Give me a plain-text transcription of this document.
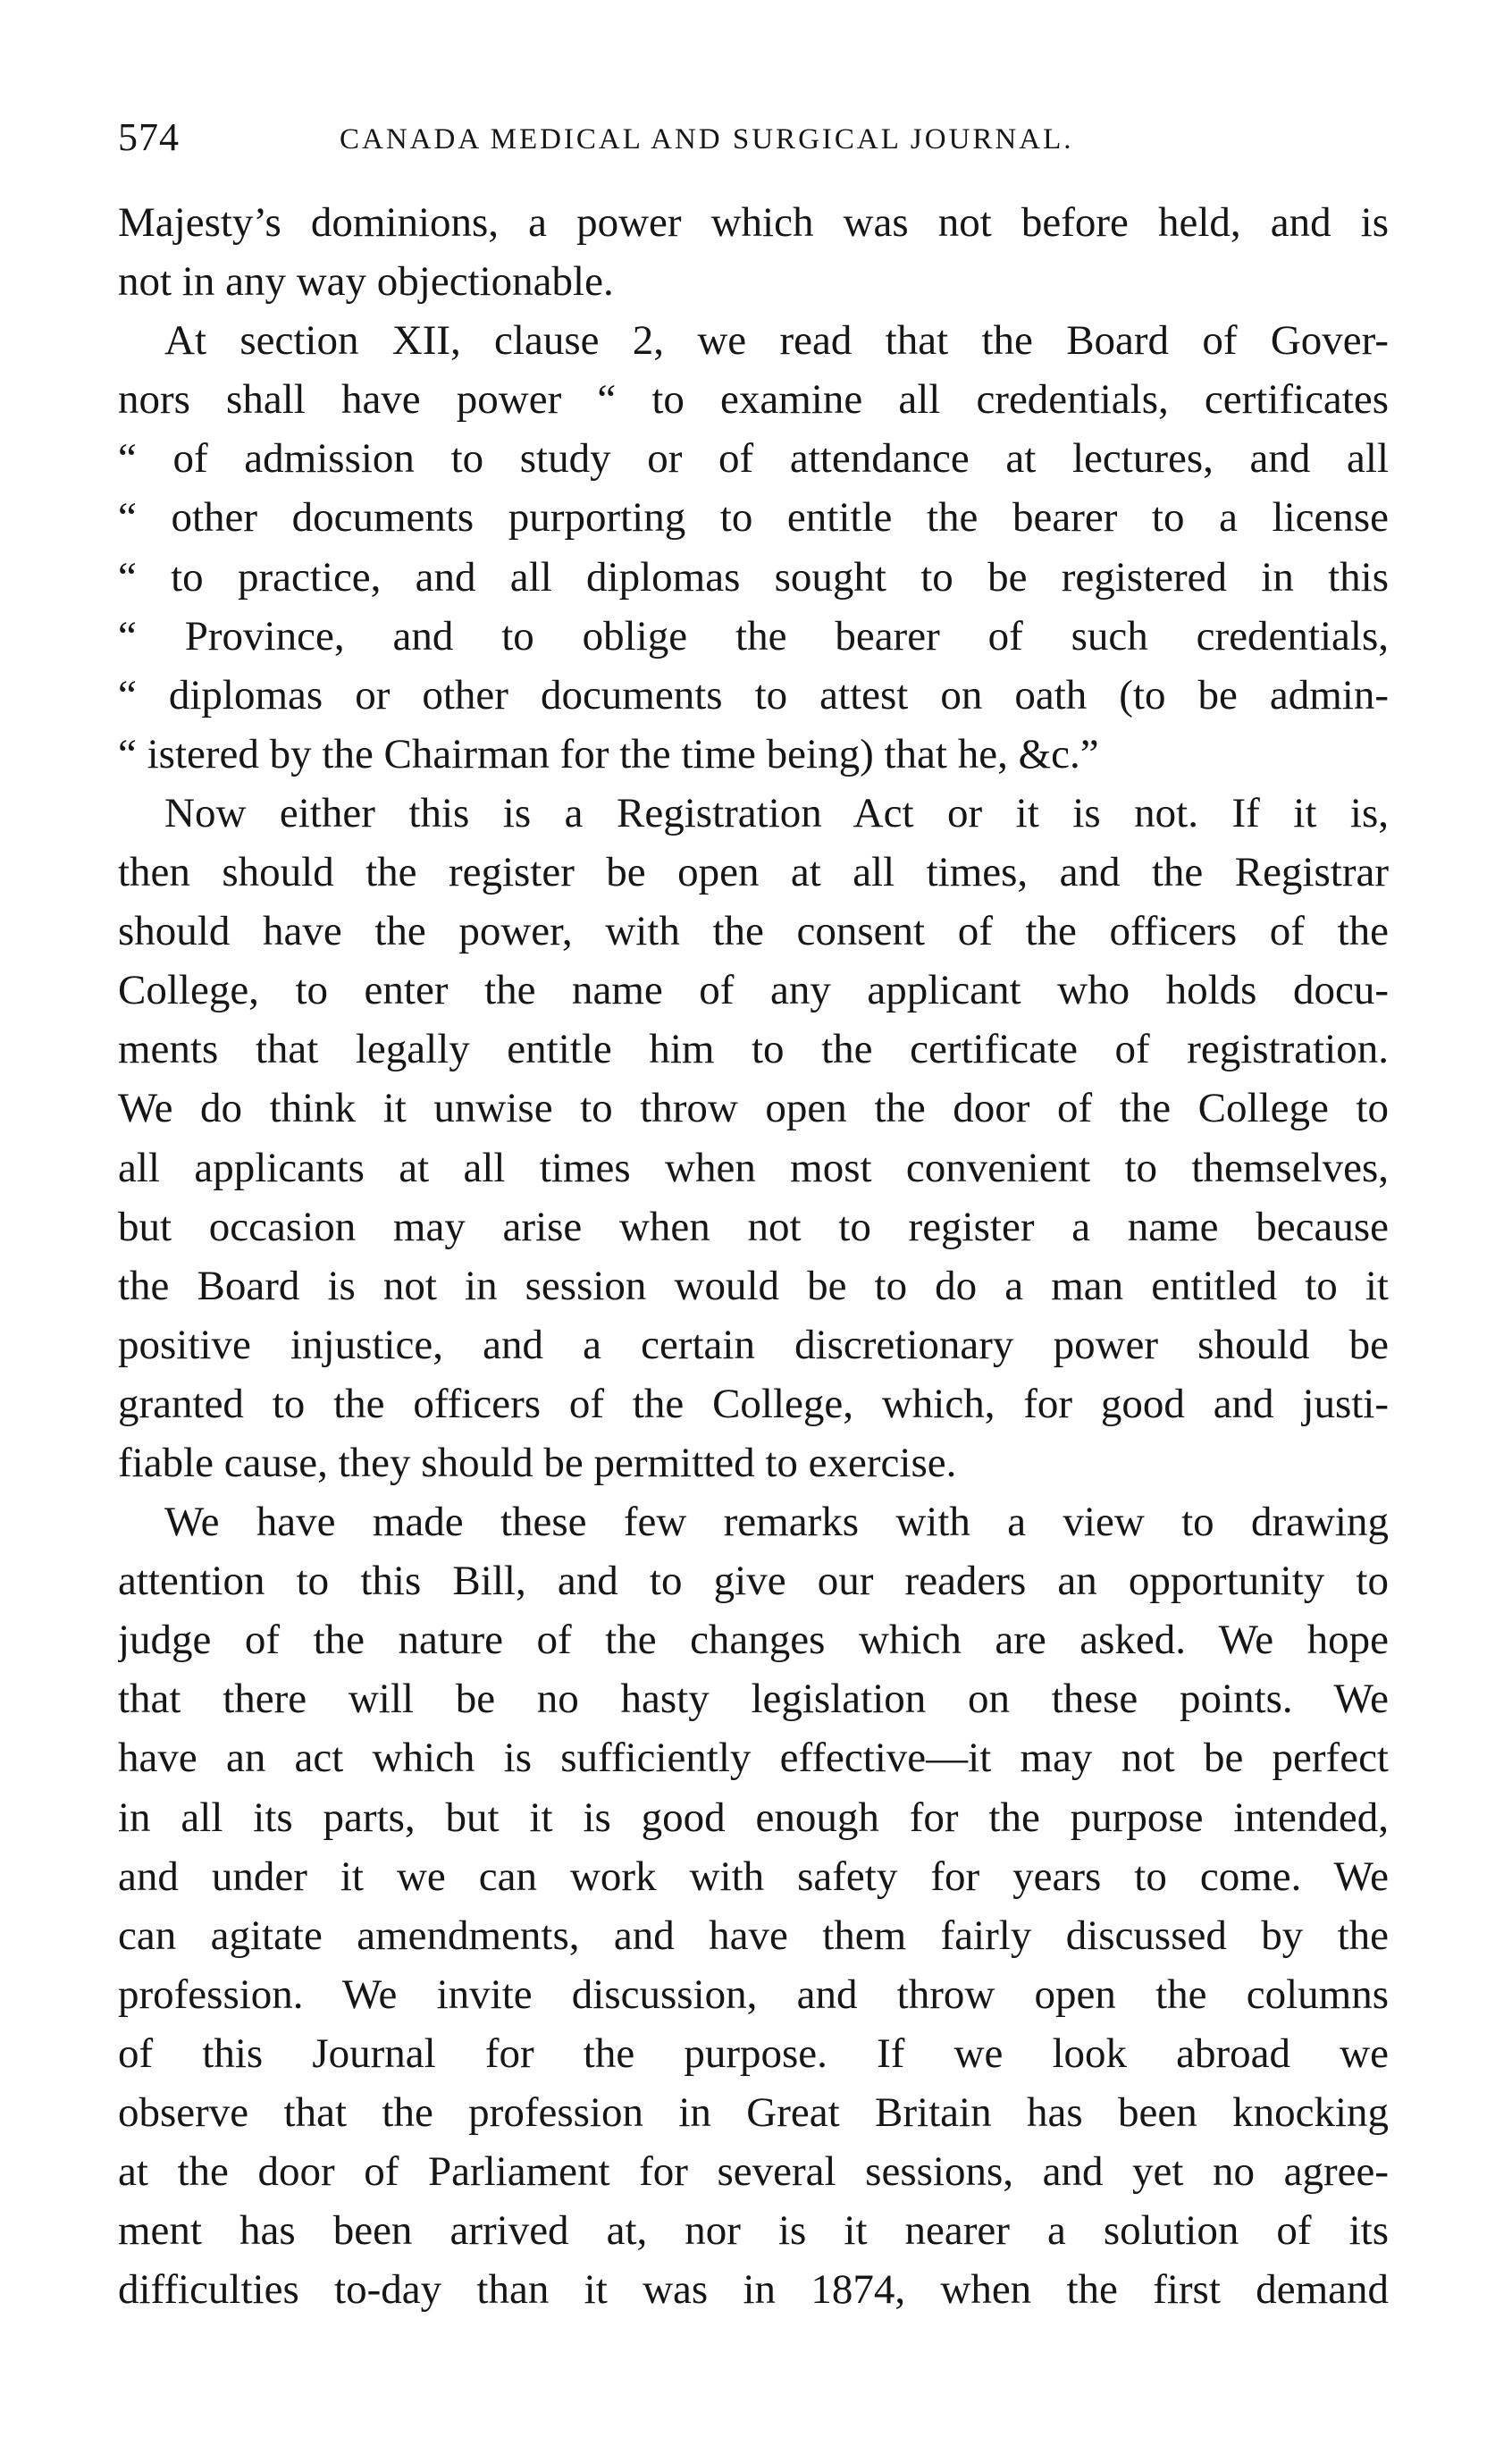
574	CANADA MEDICAL AND SURGICAL JOURNAL.
Majesty’s dominions, a power which was not before held, and is
not in any way objectionable.
At section XII, clause 2, we read that the Board of Gover-
nors shall have power “ to examine all credentials, certificates
“ of admission to study or of attendance at lectures, and all
“ other documents purporting to entitle the bearer to a license
“ to practice, and all diplomas sought to be registered in this
“ Province, and to oblige the bearer of such credentials,
“ diplomas or other documents to attest on oath (to be admin-
“ istered by the Chairman for the time being) that he, &c.”
Now either this is a Registration Act or it is not. If it is,
then should the register be open at all times, and the Registrar
should have the power, with the consent of the officers of the
College, to enter the name of any applicant who holds docu-
ments that legally entitle him to the certificate of registration.
We do think it unwise to throw open the door of the College to
all applicants at all times when most convenient to themselves,
but occasion may arise when not to register a name because
the Board is not in session would be to do a man entitled to it
positive injustice, and a certain discretionary power should be
granted to the officers of the College, which, for good and justi-
fiable cause, they should be permitted to exercise.
We have made these few remarks with a view to drawing
attention to this Bill, and to give our readers an opportunity to
judge of the nature of the changes which are asked. We hope
that there will be no hasty legislation on these points. We
have an act which is sufficiently effective—it may not be perfect
in all its parts, but it is good enough for the purpose intended,
and under it we can work with safety for years to come. We
can agitate amendments, and have them fairly discussed by the
profession. We invite discussion, and throw open the columns
of this Journal for the purpose. If we look abroad we
observe that the profession in Great Britain has been knocking
at the door of Parliament for several sessions, and yet no agree-
ment has been arrived at, nor is it nearer a solution of its
difficulties to-day than it was in 1874, when the first demand
